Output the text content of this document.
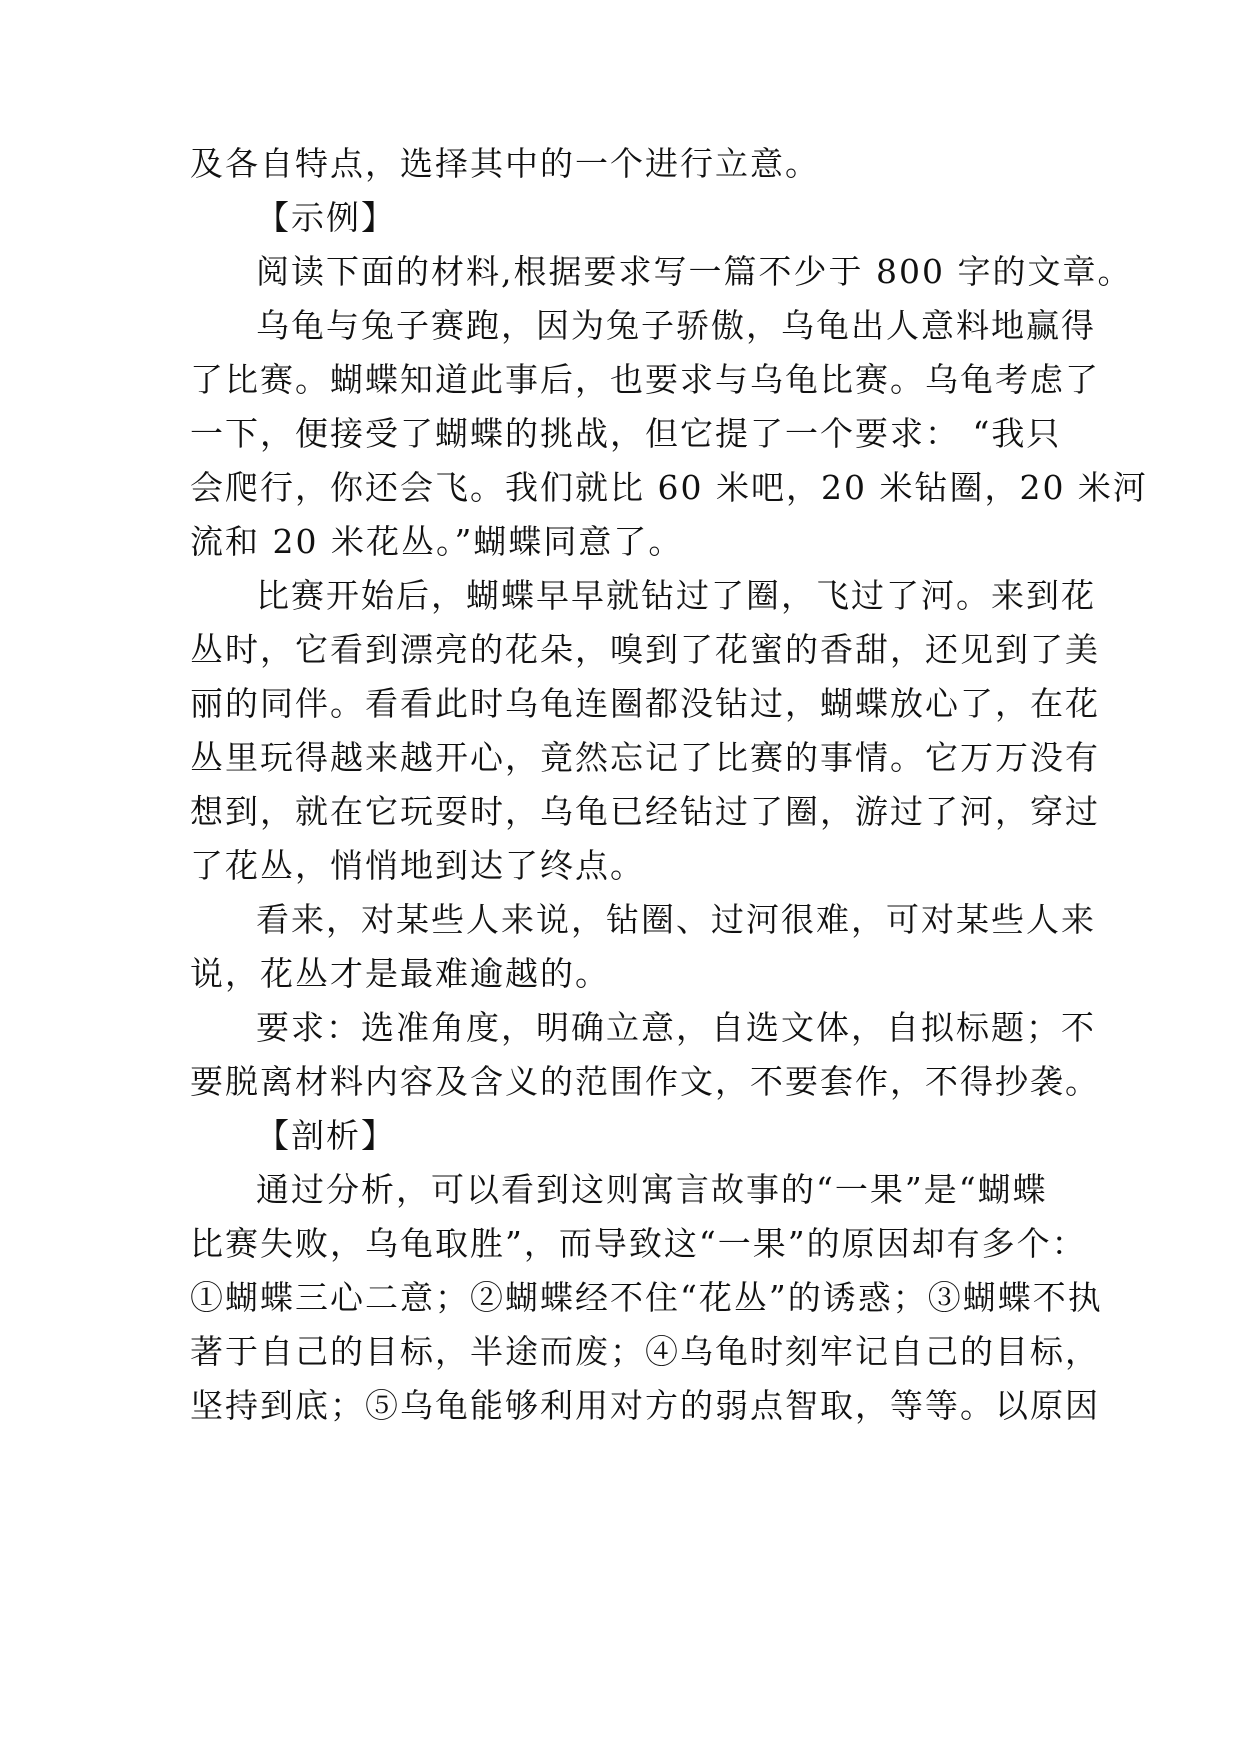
及各自特点，选择其中的一个进行立意。
【示例】
阅读下面的材料,根据要求写一篇不少于 800 字的文章。
乌龟与兔子赛跑，因为兔子骄傲，乌龟出人意料地赢得
了比赛。蝴蝶知道此事后，也要求与乌龟比赛。乌龟考虑了
一下，便接受了蝴蝶的挑战，但它提了一个要求： “我只
会爬行，你还会飞。我们就比 60 米吧，20 米钻圈，20 米河
流和 20 米花丛。”蝴蝶同意了。
比赛开始后，蝴蝶早早就钻过了圈，飞过了河。来到花
丛时，它看到漂亮的花朵，嗅到了花蜜的香甜，还见到了美
丽的同伴。看看此时乌龟连圈都没钻过，蝴蝶放心了，在花
丛里玩得越来越开心，竟然忘记了比赛的事情。它万万没有
想到，就在它玩耍时，乌龟已经钻过了圈，游过了河，穿过
了花丛，悄悄地到达了终点。
看来，对某些人来说，钻圈、过河很难，可对某些人来
说，花丛才是最难逾越的。
要求：选准角度，明确立意，自选文体，自拟标题；不
要脱离材料内容及含义的范围作文，不要套作，不得抄袭。
【剖析】
通过分析，可以看到这则寓言故事的“一果”是“蝴蝶
比赛失败，乌龟取胜”，而导致这“一果”的原因却有多个：
①蝴蝶三心二意；②蝴蝶经不住“花丛”的诱惑；③蝴蝶不执
著于自己的目标，半途而废；④乌龟时刻牢记自己的目标，
坚持到底；⑤乌龟能够利用对方的弱点智取，等等。以原因
